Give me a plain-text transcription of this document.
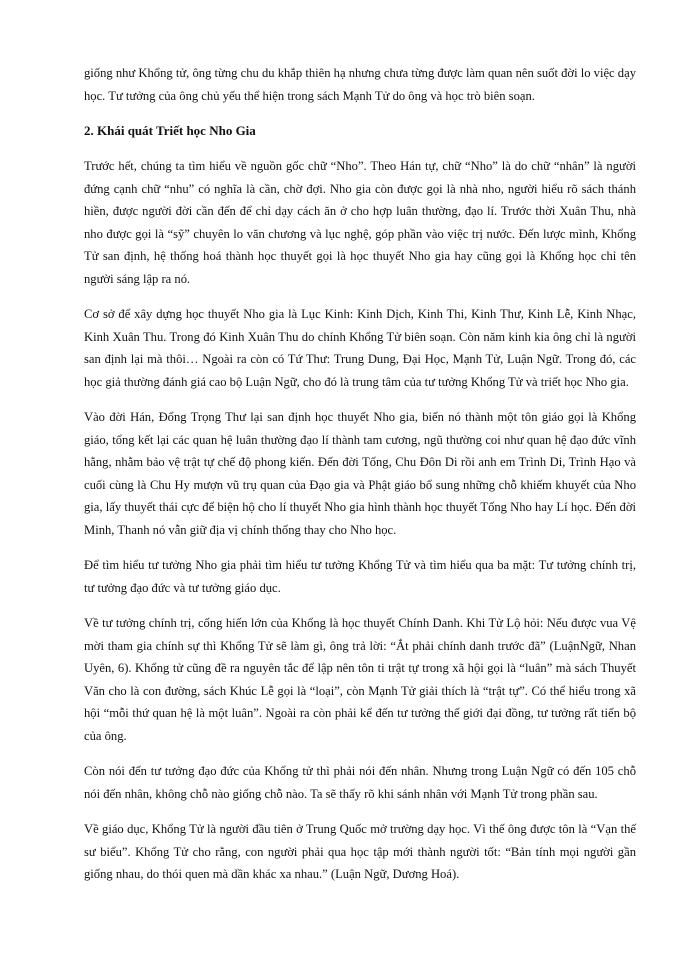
giống như Khổng tử, ông từng chu du khắp thiên hạ nhưng chưa từng được làm quan nên suốt đời lo việc dạy học. Tư tưởng của ông chủ yếu thể hiện trong sách Mạnh Tử do ông và học trò biên soạn.

2. Khái quát Triết học Nho Gia

Trước hết, chúng ta tìm hiểu về nguồn gốc chữ “Nho”. Theo Hán tự, chữ “Nho” là do chữ “nhân” là người đứng cạnh chữ “nhu” có nghĩa là cần, chờ đợi. Nho gia còn được gọi là nhà nho, người hiểu rõ sách thánh hiền, được người đời cần đến để chỉ dạy cách ăn ở cho hợp luân thường, đạo lí. Trước thời Xuân Thu, nhà nho được gọi là “sỹ” chuyên lo văn chương và lục nghệ, góp phần vào việc trị nước. Đến lược mình, Khổng Tử san định, hệ thống hoá thành học thuyết gọi là học thuyết Nho gia hay cũng gọi là Khổng học chỉ tên người sáng lập ra nó.

Cơ sở để xây dựng học thuyết Nho gia là Lục Kinh: Kinh Dịch, Kinh Thi, Kinh Thư, Kinh Lễ, Kinh Nhạc, Kinh Xuân Thu. Trong đó Kinh Xuân Thu do chính Khổng Tử biên soạn. Còn năm kinh kia ông chỉ là người san định lại mà thôi… Ngoài ra còn có Tứ Thư: Trung Dung, Đại Học, Mạnh Tử, Luận Ngữ. Trong đó, các học giả thường đánh giá cao bộ Luận Ngữ, cho đó là trung tâm của tư tưởng Khổng Tử và triết học Nho gia.

Vào đời Hán, Đổng Trọng Thư lại san định học thuyết Nho gia, biến nó thành một tôn giáo gọi là Khổng giáo, tổng kết lại các quan hệ luân thường đạo lí thành tam cương, ngũ thường coi như quan hệ đạo đức vĩnh hằng, nhằm bảo vệ trật tự chế độ phong kiến. Đến đời Tống, Chu Đôn Di rồi anh em Trình Di, Trình Hạo và cuối cùng là Chu Hy mượn vũ trụ quan của Đạo gia và Phật giáo bổ sung những chỗ khiếm khuyết của Nho gia, lấy thuyết thái cực để biện hộ cho lí thuyết Nho gia hình thành học thuyết Tống Nho hay Lí học. Đến đời Minh, Thanh nó vẫn giữ địa vị chính thống thay cho Nho học.

Để tìm hiểu tư tưởng Nho gia phải tìm hiểu tư tưởng Khổng Tử và tìm hiểu qua ba mặt: Tư tưởng chính trị, tư tưởng đạo đức và tư tưởng giáo dục.

Về tư tưởng chính trị, cống hiến lớn của Khổng là học thuyết Chính Danh. Khi Tử Lộ hỏi: Nếu được vua Vệ mời tham gia chính sự thì Khổng Tử sẽ làm gì, ông trả lời: “Ắt phải chính danh trước đã” (LuậnNgữ, Nhan Uyên, 6). Khổng tử cũng đề ra nguyên tắc để lập nên tôn ti trật tự trong xã hội gọi là “luân” mà sách Thuyết Văn cho là con đường, sách Khúc Lễ gọi là “loại”, còn Mạnh Tử giải thích là “trật tự”. Có thể hiểu trong xã hội “mỗi thứ quan hệ là một luân”. Ngoài ra còn phải kể đến tư tưởng thế giới đại đồng, tư tưởng rất tiến bộ của ông.

Còn nói đến tư tưởng đạo đức của Khổng tử thì phải nói đến nhân. Nhưng trong Luận Ngữ có đến 105 chỗ nói đến nhân, không chỗ nào giống chỗ nào. Ta sẽ thấy rõ khi sánh nhân với Mạnh Tử trong phần sau.

Về giáo dục, Khổng Tử là người đầu tiên ở Trung Quốc mở trường dạy học. Vì thế ông được tôn là “Vạn thế sư biểu”. Khổng Tử cho rằng, con người phải qua học tập mới thành người tốt: “Bản tính mọi người gần giống nhau, do thói quen mà dần khác xa nhau.” (Luận Ngữ, Dương Hoá).
